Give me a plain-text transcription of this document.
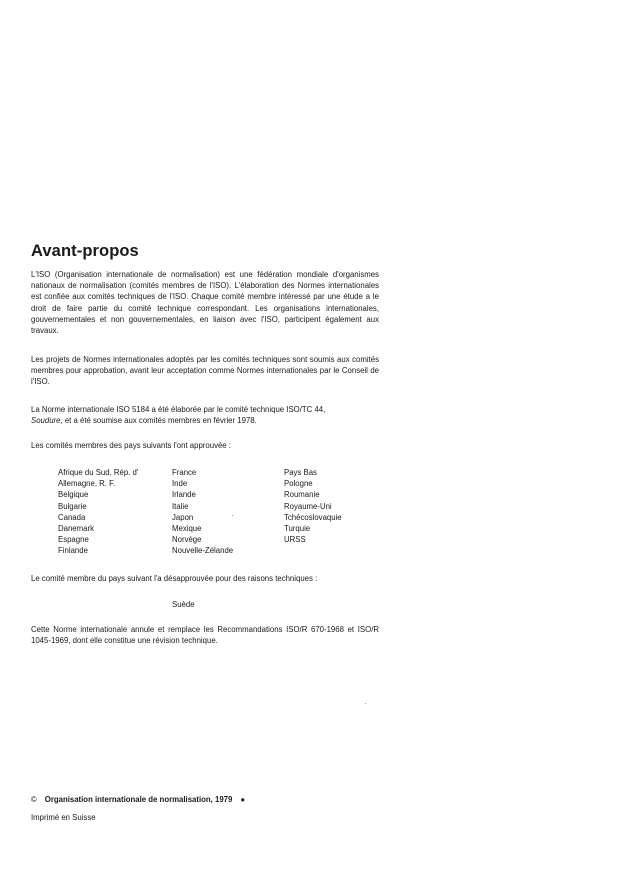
Avant-propos

L'ISO (Organisation internationale de normalisation) est une fédération mondiale d'organismes nationaux de normalisation (comités membres de l'ISO). L'élaboration des Normes internationales est confiée aux comités techniques de l'ISO. Chaque comité membre intéressé par une étude a le droit de faire partie du comité technique correspondant. Les organisations internationales, gouvernementales et non gouvernementales, en liaison avec l'ISO, participent également aux travaux.

Les projets de Normes internationales adoptés par les comités techniques sont soumis aux comités membres pour approbation, avant leur acceptation comme Normes internationales par le Conseil de l'ISO.

La Norme internationale ISO 5184 a été élaborée par le comité technique ISO/TC 44,
Soudure, et a été soumise aux comités membres en février 1978.

Les comités membres des pays suivants l'ont approuvée :

Afrique du Sud, Rép. d'
Allemagne, R. F.
Belgique
Bulgarie
Canada
Danemark
Espagne
Finlande
France
Inde
Irlande
Italie
Japon
Mexique
Norvège
Nouvelle-Zélande
Pays Bas
Pologne
Roumanie
Royaume-Uni
Tchécoslovaquie
Turquie
URSS

Le comité membre du pays suivant l'a désapprouvée pour des raisons techniques :

Suède

Cette Norme internationale annule et remplace les Recommandations ISO/R 670-1968 et ISO/R 1045-1969, dont elle constitue une révision technique.

© Organisation internationale de normalisation, 1979 ●
Imprimé en Suisse
